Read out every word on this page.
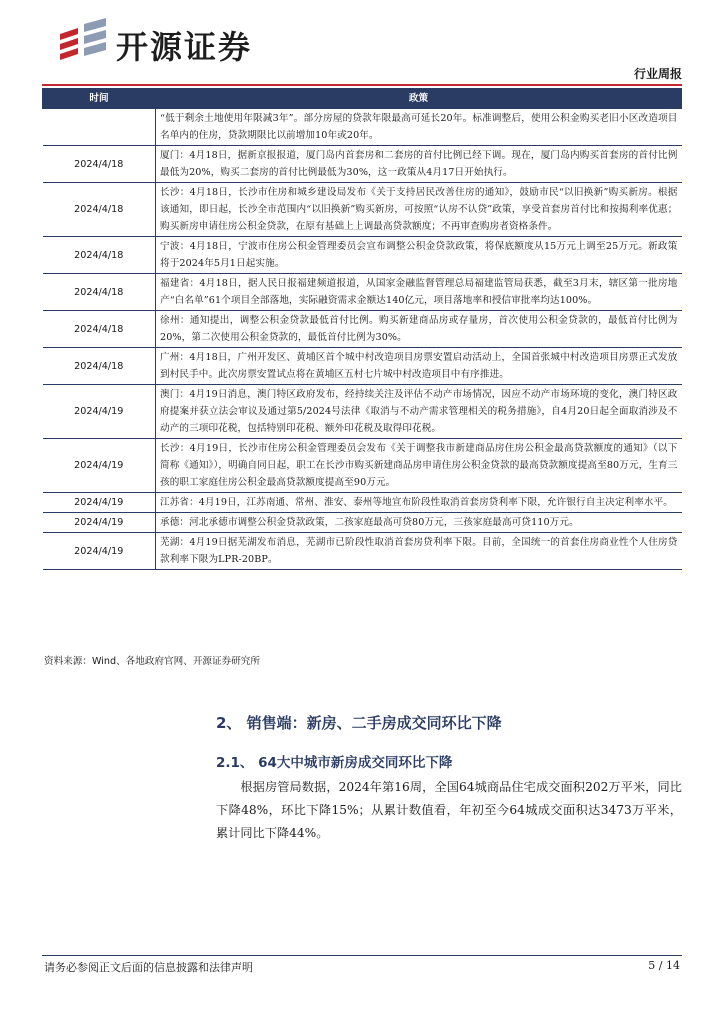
开源证券
行业周报
时间	政策
	“低于剩余土地使用年限减3年”。部分房屋的贷款年限最高可延长20年。标准调整后，使用公积金购买老旧小区改造项目名单内的住房，贷款期限比以前增加10年或20年。
2024/4/18	厦门：4月18日，据新京报报道，厦门岛内首套房和二套房的首付比例已经下调。现在，厦门岛内购买首套房的首付比例最低为20%，购买二套房的首付比例最低为30%，这一政策从4月17日开始执行。
2024/4/18	长沙：4月18日，长沙市住房和城乡建设局发布《关于支持居民改善住房的通知》，鼓励市民“以旧换新”购买新房。根据该通知，即日起，长沙全市范围内“以旧换新”购买新房，可按照“认房不认贷”政策，享受首套房首付比和按揭利率优惠；购买新房申请住房公积金贷款，在原有基础上上调最高贷款额度；不再审查购房者资格条件。
2024/4/18	宁波：4月18日，宁波市住房公积金管理委员会宣布调整公积金贷款政策，将保底额度从15万元上调至25万元。新政策将于2024年5月1日起实施。
2024/4/18	福建省：4月18日，据人民日报福建频道报道，从国家金融监督管理总局福建监管局获悉，截至3月末，辖区第一批房地产“白名单”61个项目全部落地，实际融资需求金额达140亿元，项目落地率和授信审批率均达100%。
2024/4/18	徐州：通知提出，调整公积金贷款最低首付比例。购买新建商品房或存量房，首次使用公积金贷款的，最低首付比例为20%，第二次使用公积金贷款的，最低首付比例为30%。
2024/4/18	广州：4月18日，广州开发区、黄埔区首个城中村改造项目房票安置启动活动上，全国首张城中村改造项目房票正式发放到村民手中。此次房票安置试点将在黄埔区五村七片城中村改造项目中有序推进。
2024/4/19	澳门：4月19日消息，澳门特区政府发布，经持续关注及评估不动产市场情况，因应不动产市场环境的变化，澳门特区政府提案并获立法会审议及通过第5/2024号法律《取消与不动产需求管理相关的税务措施》，自4月20日起全面取消涉及不动产的三项印花税，包括特别印花税、额外印花税及取得印花税。
2024/4/19	长沙：4月19日，长沙市住房公积金管理委员会发布《关于调整我市新建商品房住房公积金最高贷款额度的通知》（以下简称《通知》），明确自同日起，职工在长沙市购买新建商品房申请住房公积金贷款的最高贷款额度提高至80万元，生育三孩的职工家庭住房公积金最高贷款额度提高至90万元。
2024/4/19	江苏省：4月19日，江苏南通、常州、淮安、泰州等地宣布阶段性取消首套房贷利率下限，允许银行自主决定利率水平。
2024/4/19	承德：河北承德市调整公积金贷款政策，二孩家庭最高可贷80万元，三孩家庭最高可贷110万元。
2024/4/19	芜湖：4月19日据芜湖发布消息，芜湖市已阶段性取消首套房贷利率下限。目前，全国统一的首套住房商业性个人住房贷款利率下限为LPR-20BP。
资料来源：Wind、各地政府官网、开源证券研究所
2、 销售端：新房、二手房成交同环比下降
2.1、 64大中城市新房成交同环比下降
根据房管局数据，2024年第16周，全国64城商品住宅成交面积202万平米，同比下降48%，环比下降15%；从累计数值看，年初至今64城成交面积达3473万平米，累计同比下降44%。
请务必参阅正文后面的信息披露和法律声明	5 / 14
